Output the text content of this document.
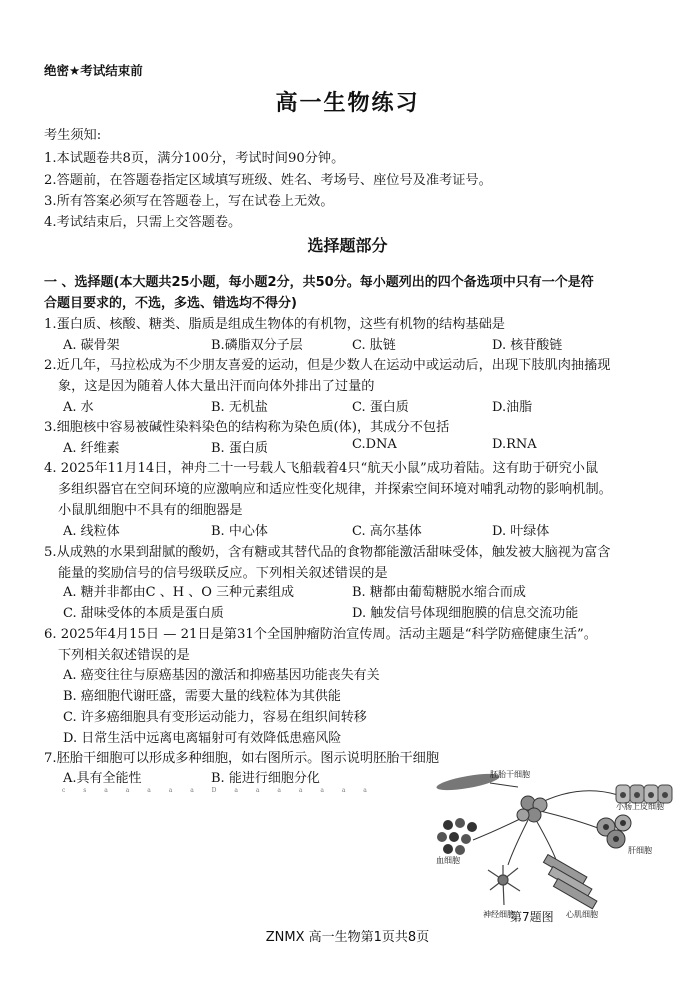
绝密★考试结束前
高一生物练习
考生须知:
1.本试题卷共8页，满分100分，考试时间90分钟。
2.答题前，在答题卷指定区域填写班级、姓名、考场号、座位号及准考证号。
3.所有答案必须写在答题卷上，写在试卷上无效。
4.考试结束后，只需上交答题卷。
选择题部分
一 、选择题(本大题共25小题，每小题2分，共50分。每小题列出的四个备选项中只有一个是符
合题目要求的，不选，多选、错选均不得分)
1.蛋白质、核酸、糖类、脂质是组成生物体的有机物，这些有机物的结构基础是
A. 碳骨架	B.磷脂双分子层	C. 肽链	D. 核苷酸链
2.近几年，马拉松成为不少朋友喜爱的运动，但是少数人在运动中或运动后，出现下肢肌肉抽搐现
象，这是因为随着人体大量出汗而向体外排出了过量的
A. 水	B. 无机盐	C. 蛋白质	D.油脂
3.细胞核中容易被碱性染料染色的结构称为染色质(体)，其成分不包括
A. 纤维素	B. 蛋白质	C.DNA	D.RNA
4. 2025年11月14日，神舟二十一号载人飞船载着4只“航天小鼠”成功着陆。这有助于研究小鼠
多组织器官在空间环境的应激响应和适应性变化规律，并探索空间环境对哺乳动物的影响机制。
小鼠肌细胞中不具有的细胞器是
A. 线粒体	B. 中心体	C. 高尔基体	D. 叶绿体
5.从成熟的水果到甜腻的酸奶，含有糖或其替代品的食物都能激活甜味受体，触发被大脑视为富含
能量的奖励信号的信号级联反应。下列相关叙述错误的是
A. 糖并非都由C 、H 、O 三种元素组成	B. 糖都由葡萄糖脱水缩合而成
C. 甜味受体的本质是蛋白质	D. 触发信号体现细胞膜的信息交流功能
6. 2025年4月15日 — 21日是第31个全国肿瘤防治宣传周。活动主题是“科学防癌健康生活”。
下列相关叙述错误的是
A. 癌变往往与原癌基因的激活和抑癌基因功能丧失有关
B. 癌细胞代谢旺盛，需要大量的线粒体为其供能
C. 许多癌细胞具有变形运动能力，容易在组织间转移
D. 日常生活中远离电离辐射可有效降低患癌风险
7.胚胎干细胞可以形成多种细胞，如右图所示。图示说明胚胎干细胞
A.具有全能性	B. 能进行细胞分化
c s a a a a a D a a a a a a a
胚胎干细胞
小肠上皮细胞
肝细胞
血细胞
神经细胞	心肌细胞
第7题图
ZNMX 高一生物第1页共8页
